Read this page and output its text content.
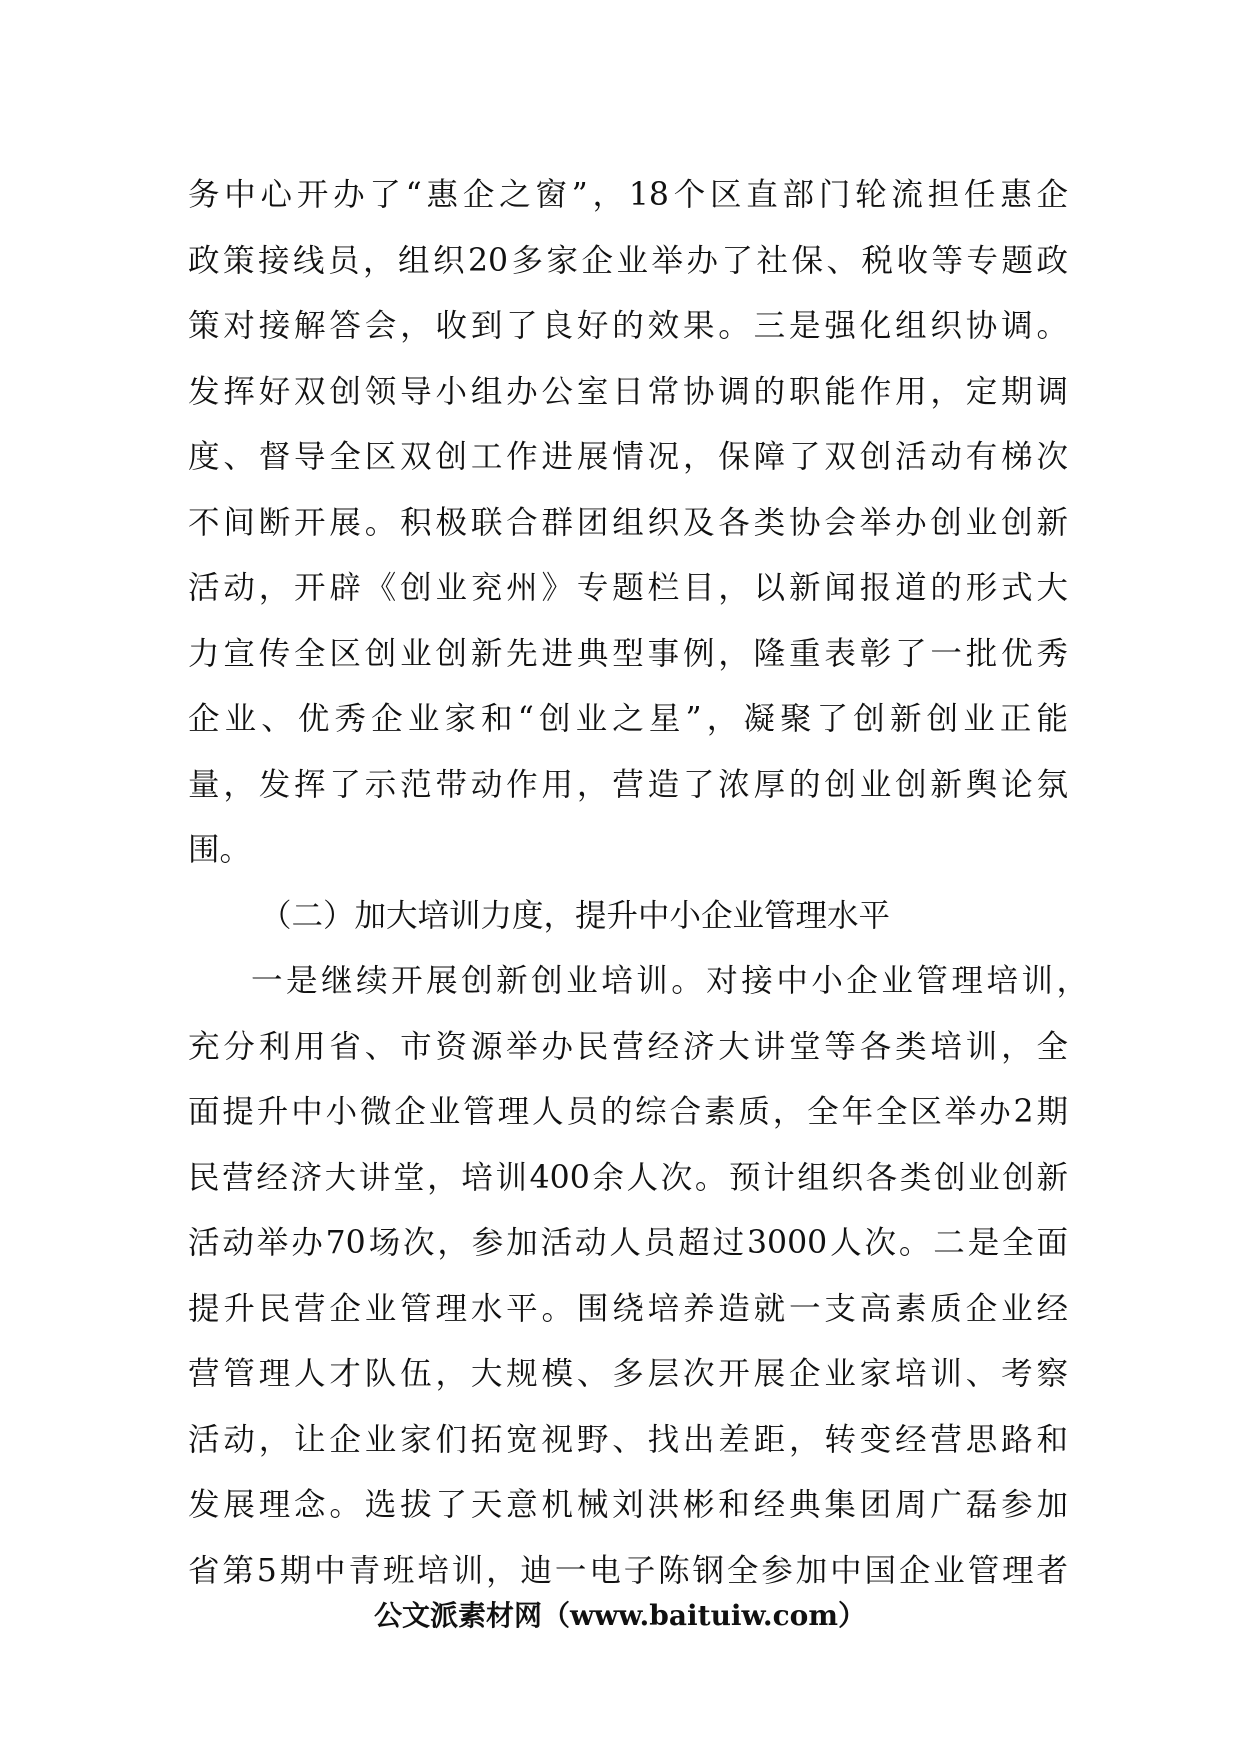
务中心开办了“惠企之窗”，18个区直部门轮流担任惠企
政策接线员，组织20多家企业举办了社保、税收等专题政
策对接解答会，收到了良好的效果。三是强化组织协调。
发挥好双创领导小组办公室日常协调的职能作用，定期调
度、督导全区双创工作进展情况，保障了双创活动有梯次
不间断开展。积极联合群团组织及各类协会举办创业创新
活动，开辟《创业兖州》专题栏目，以新闻报道的形式大
力宣传全区创业创新先进典型事例，隆重表彰了一批优秀
企业、优秀企业家和“创业之星”，凝聚了创新创业正能
量，发挥了示范带动作用，营造了浓厚的创业创新舆论氛
围。
（二）加大培训力度，提升中小企业管理水平
一是继续开展创新创业培训。对接中小企业管理培训，
充分利用省、市资源举办民营经济大讲堂等各类培训，全
面提升中小微企业管理人员的综合素质，全年全区举办2期
民营经济大讲堂，培训400余人次。预计组织各类创业创新
活动举办70场次，参加活动人员超过3000人次。二是全面
提升民营企业管理水平。围绕培养造就一支高素质企业经
营管理人才队伍，大规模、多层次开展企业家培训、考察
活动，让企业家们拓宽视野、找出差距，转变经营思路和
发展理念。选拔了天意机械刘洪彬和经典集团周广磊参加
省第5期中青班培训，迪一电子陈钢全参加中国企业管理者
公文派素材网（www.baituiw.com）
